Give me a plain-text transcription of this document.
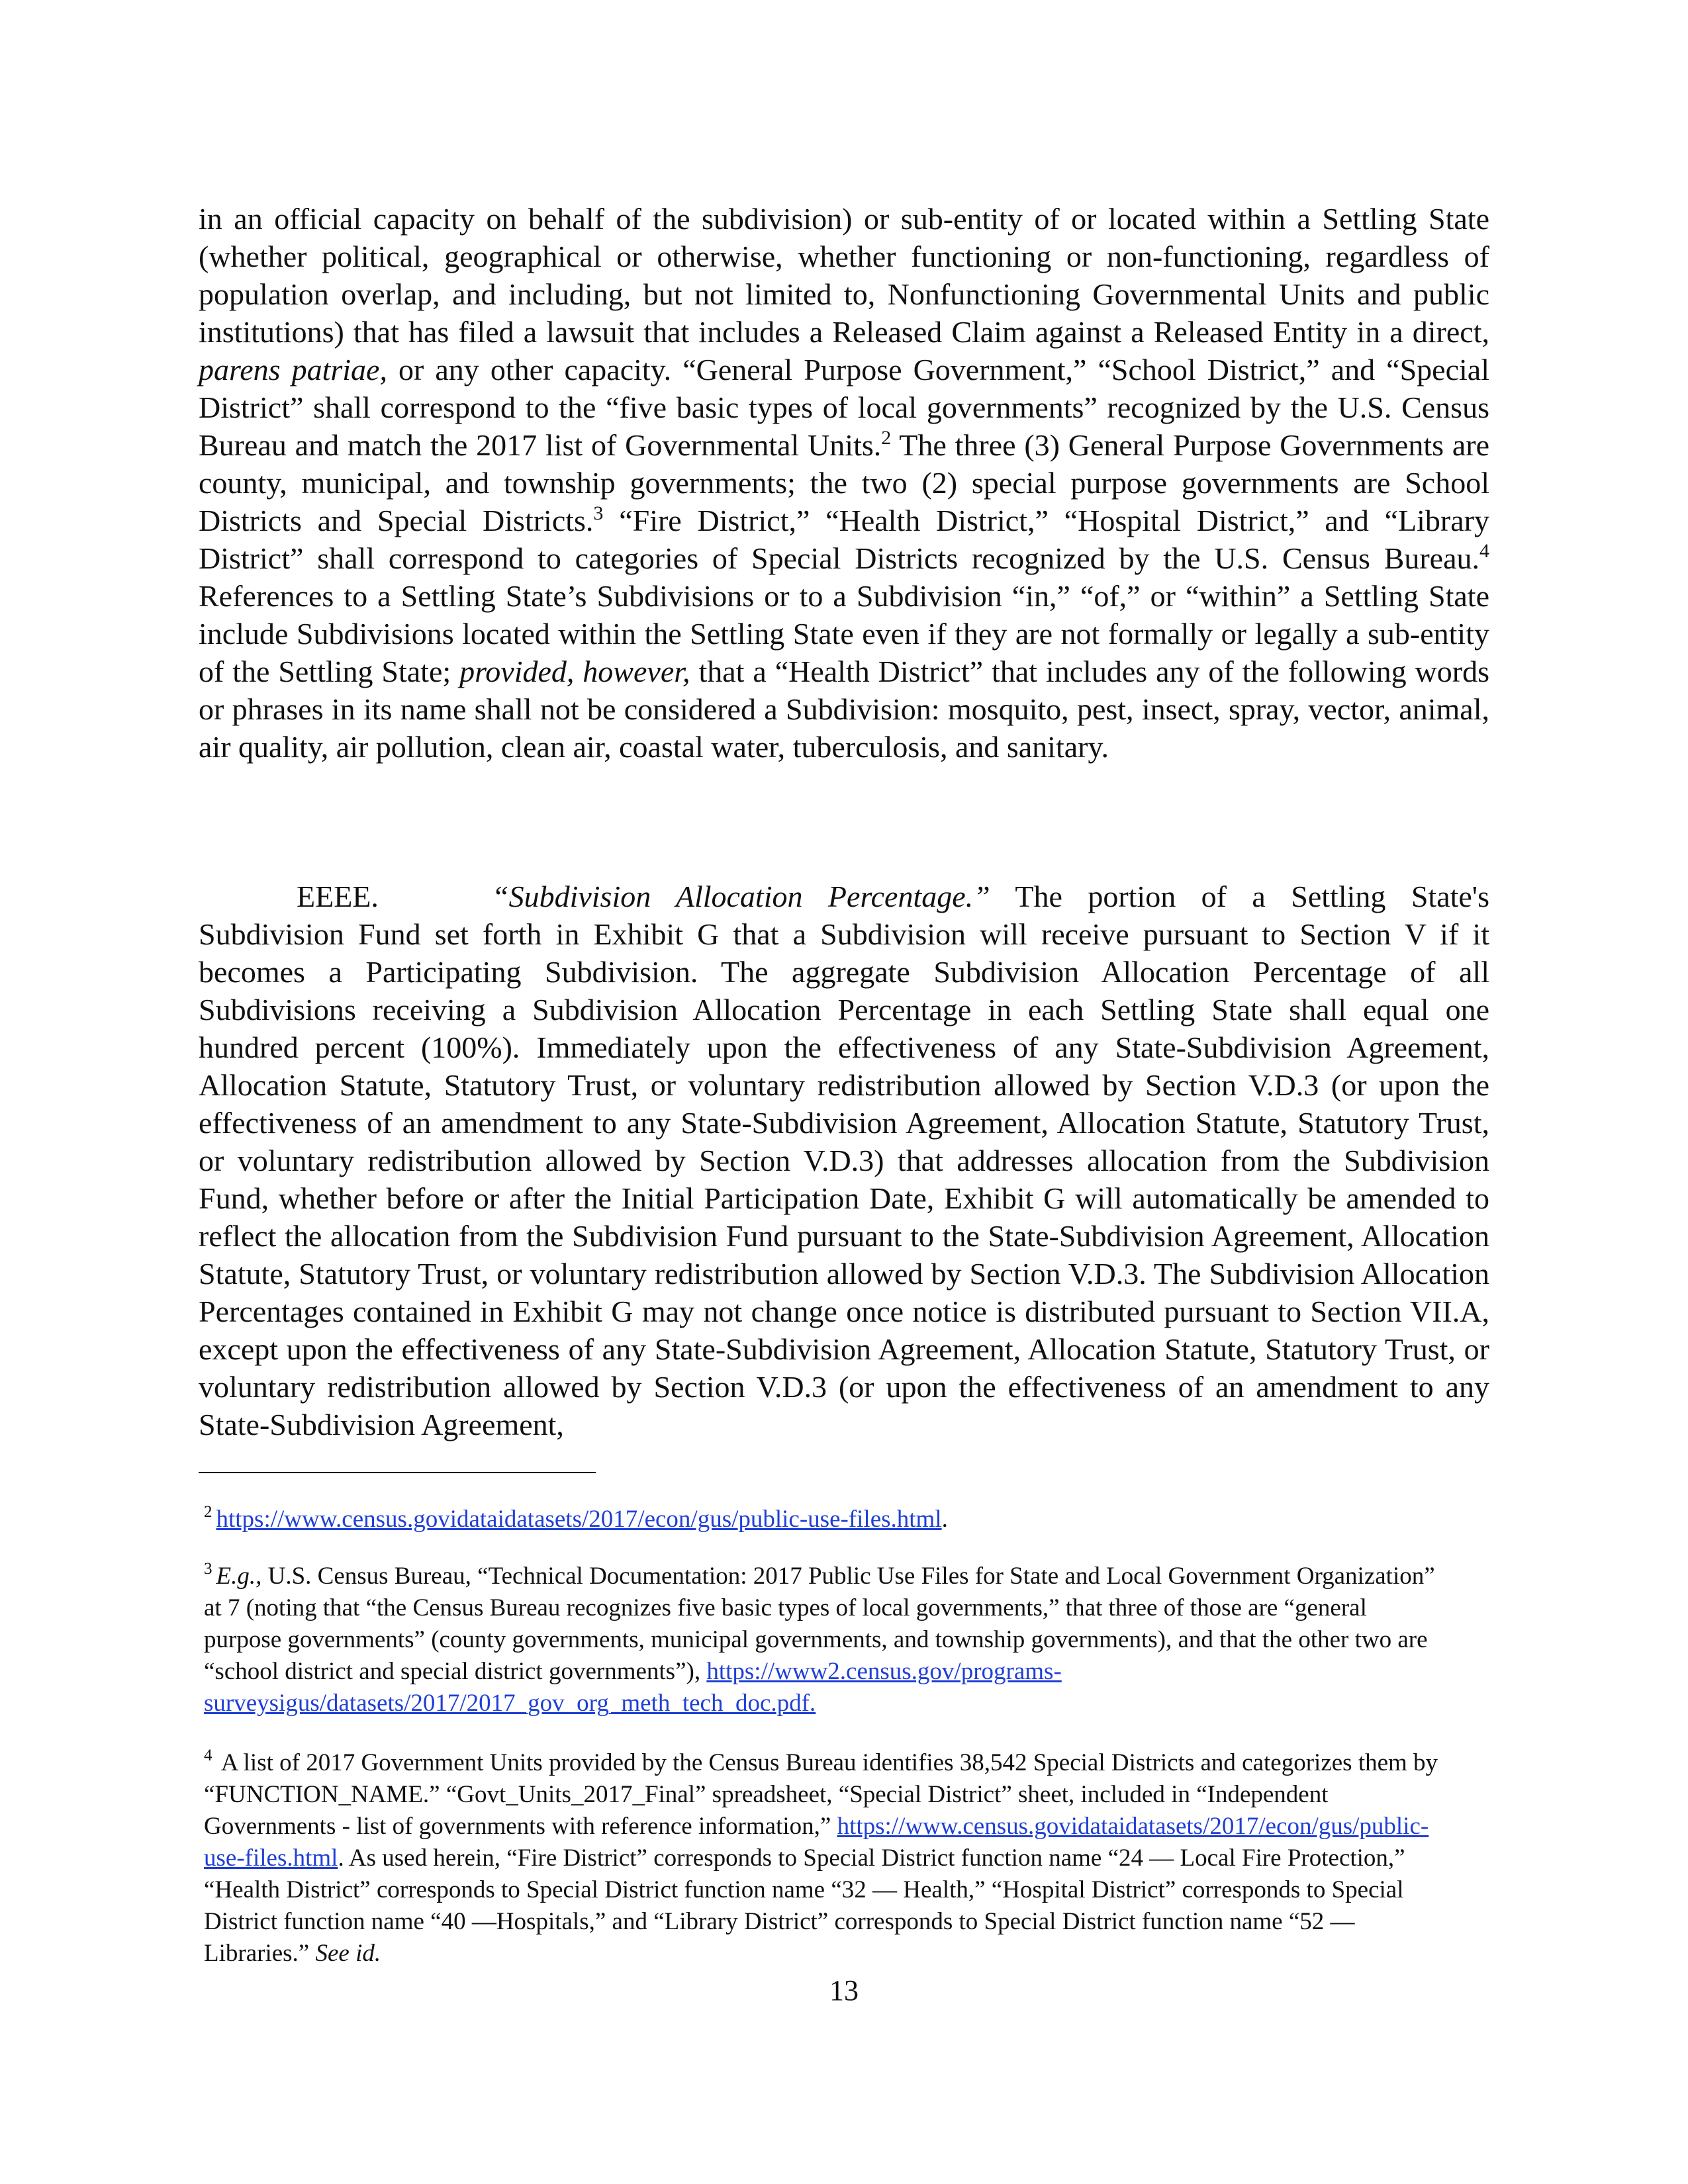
in an official capacity on behalf of the subdivision) or sub-entity of or located within a Settling State (whether political, geographical or otherwise, whether functioning or non-functioning, regardless of population overlap, and including, but not limited to, Nonfunctioning Governmental Units and public institutions) that has filed a lawsuit that includes a Released Claim against a Released Entity in a direct, parens patriae, or any other capacity. “General Purpose Government,” “School District,” and “Special District” shall correspond to the “five basic types of local governments” recognized by the U.S. Census Bureau and match the 2017 list of Governmental Units.$^2$ The three (3) General Purpose Governments are county, municipal, and township governments; the two (2) special purpose governments are School Districts and Special Districts.$^3$ “Fire District,” “Health District,” “Hospital District,” and “Library District” shall correspond to categories of Special Districts recognized by the U.S. Census Bureau.$^4$ References to a Settling State’s Subdivisions or to a Subdivision “in,” “of,” or “within” a Settling State include Subdivisions located within the Settling State even if they are not formally or legally a sub-entity of the Settling State; provided, however, that a “Health District” that includes any of the following words or phrases in its name shall not be considered a Subdivision: mosquito, pest, insect, spray, vector, animal, air quality, air pollution, clean air, coastal water, tuberculosis, and sanitary.

EEEE.	“Subdivision Allocation Percentage.” The portion of a Settling State's Subdivision Fund set forth in Exhibit G that a Subdivision will receive pursuant to Section V if it becomes a Participating Subdivision. The aggregate Subdivision Allocation Percentage of all Subdivisions receiving a Subdivision Allocation Percentage in each Settling State shall equal one hundred percent (100%). Immediately upon the effectiveness of any State-Subdivision Agreement, Allocation Statute, Statutory Trust, or voluntary redistribution allowed by Section V.D.3 (or upon the effectiveness of an amendment to any State-Subdivision Agreement, Allocation Statute, Statutory Trust, or voluntary redistribution allowed by Section V.D.3) that addresses allocation from the Subdivision Fund, whether before or after the Initial Participation Date, Exhibit G will automatically be amended to reflect the allocation from the Subdivision Fund pursuant to the State-Subdivision Agreement, Allocation Statute, Statutory Trust, or voluntary redistribution allowed by Section V.D.3. The Subdivision Allocation Percentages contained in Exhibit G may not change once notice is distributed pursuant to Section VII.A, except upon the effectiveness of any State-Subdivision Agreement, Allocation Statute, Statutory Trust, or voluntary redistribution allowed by Section V.D.3 (or upon the effectiveness of an amendment to any State-Subdivision Agreement,

$^2$ https://www.census.govidataidatasets/2017/econ/gus/public-use-files.html.

$^3$ E.g., U.S. Census Bureau, “Technical Documentation: 2017 Public Use Files for State and Local Government Organization” at 7 (noting that “the Census Bureau recognizes five basic types of local governments,” that three of those are “general purpose governments” (county governments, municipal governments, and township governments), and that the other two are “school district and special district governments”), https://www2.census.gov/programs-surveysigus/datasets/2017/2017_gov_org_meth_tech_doc.pdf.

$^4$ A list of 2017 Government Units provided by the Census Bureau identifies 38,542 Special Districts and categorizes them by “FUNCTION_NAME.” “Govt_Units_2017_Final” spreadsheet, “Special District” sheet, included in “Independent Governments - list of governments with reference information,” https://www.census.govidataidatasets/2017/econ/gus/public-use-files.html. As used herein, “Fire District” corresponds to Special District function name “24 — Local Fire Protection,” “Health District” corresponds to Special District function name “32 — Health,” “Hospital District” corresponds to Special District function name “40 —Hospitals,” and “Library District” corresponds to Special District function name “52 — Libraries.” See id.

13
